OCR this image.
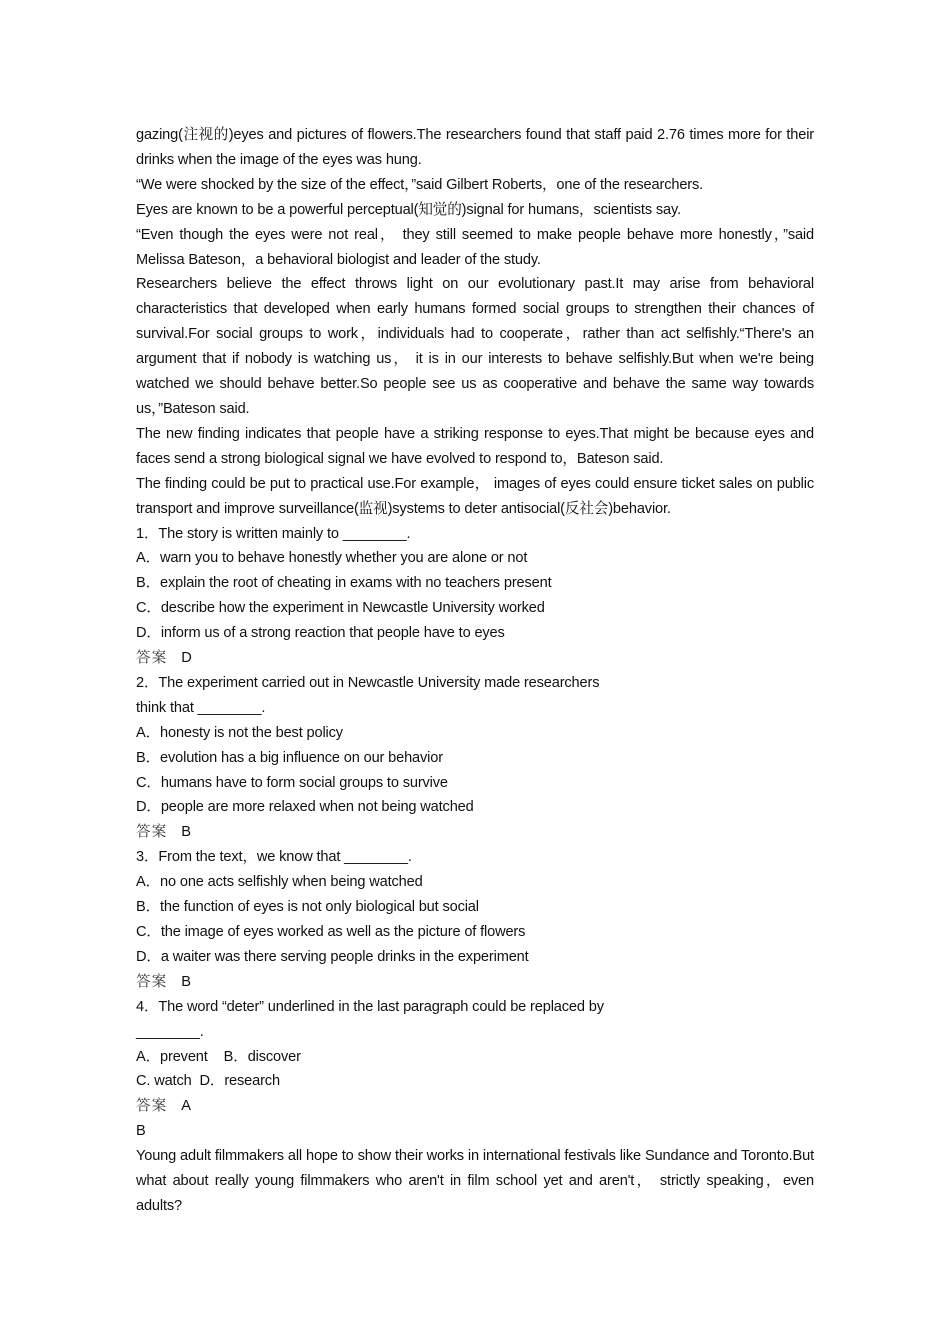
gazing(注视的)eyes and pictures of flowers.The researchers found that staff paid 2.76 times more for their drinks when the image of the eyes was hung.

“We were shocked by the size of the effect，”said Gilbert Roberts，one of the researchers.

Eyes are known to be a powerful perceptual(知觉的)signal for humans，scientists say.

“Even though the eyes were not real， they still seemed to make people behave more honestly，”said Melissa Bateson，a behavioral biologist and leader of the study.

Researchers believe the effect throws light on our evolutionary past.It may arise from behavioral characteristics that developed when early humans formed social groups to strengthen their chances of survival.For social groups to work，individuals had to cooperate，rather than act selfishly.“There's an argument that if nobody is watching us， it is in our interests to behave selfishly.But when we're being watched we should behave better.So people see us as cooperative and behave the same way towards us，”Bateson said.

The new finding indicates that people have a striking response to eyes.That might be because eyes and faces send a strong biological signal we have evolved to respond to，Bateson said.

The finding could be put to practical use.For example， images of eyes could ensure ticket sales on public transport and improve surveillance(监视)systems to deter antisocial(反社会)behavior.

1．The story is written mainly to ________.

A．warn you to behave honestly whether you are alone or not

B．explain the root of cheating in exams with no teachers present

C．describe how the experiment in Newcastle University worked

D．inform us of a strong reaction that people have to eyes

答案 D

2．The experiment carried out in Newcastle University made researchers

think that ________.

A．honesty is not the best policy

B．evolution has a big influence on our behavior

C．humans have to form social groups to survive

D．people are more relaxed when not being watched

答案 B

3．From the text，we know that ________.

A．no one acts selfishly when being watched

B．the function of eyes is not only biological but social

C．the image of eyes worked as well as the picture of flowers

D．a waiter was there serving people drinks in the experiment

答案 B

4．The word “deter” underlined in the last paragraph could be replaced by

________.

A．prevent B．discover

C. watch D．research

答案 A

B

Young adult filmmakers all hope to show their works in international festivals like Sundance and Toronto.But what about really young filmmakers who aren't in film school yet and aren't， strictly speaking，even adults?
